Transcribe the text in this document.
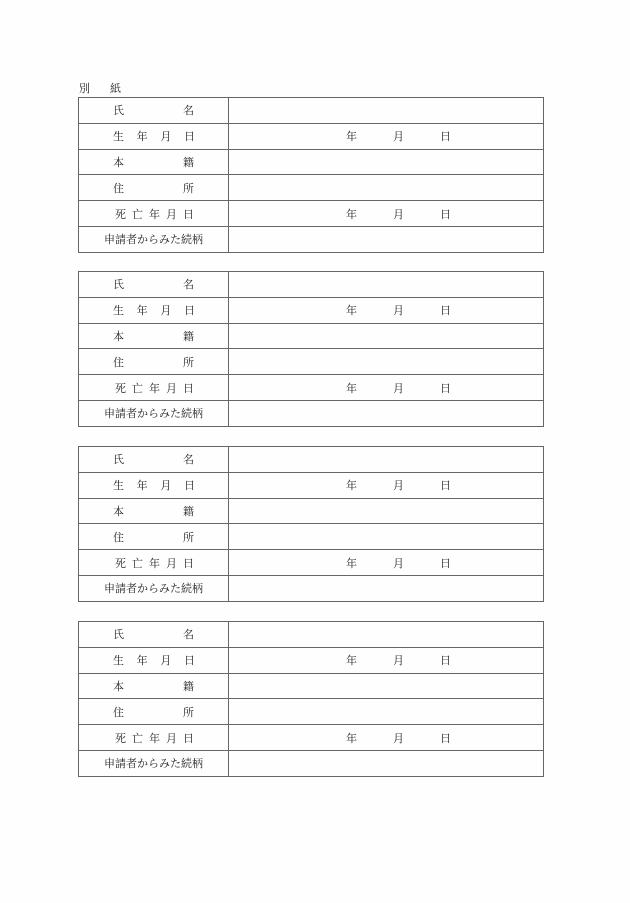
別 紙
氏 名	

生 年 月 日	年 月 日

本 籍	

住 所	

死 亡 年 月 日	年 月 日

申請者からみた続柄	

氏 名	

生 年 月 日	年 月 日

本 籍	

住 所	

死 亡 年 月 日	年 月 日

申請者からみた続柄	

氏 名	

生 年 月 日	年 月 日

本 籍	

住 所	

死 亡 年 月 日	年 月 日

申請者からみた続柄	

氏 名	

生 年 月 日	年 月 日

本 籍	

住 所	

死 亡 年 月 日	年 月 日

申請者からみた続柄	
